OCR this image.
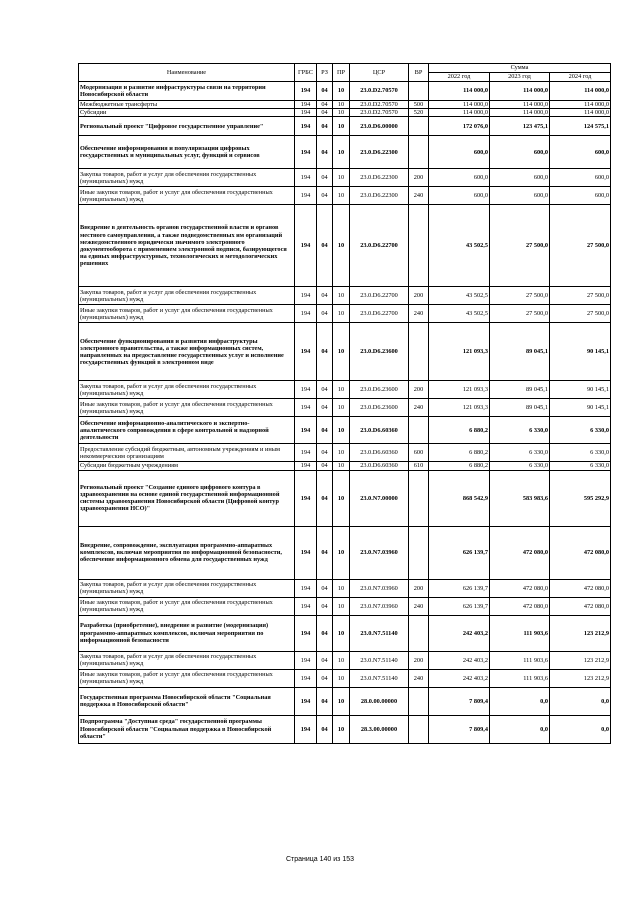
Наименование	ГРБС	РЗ	ПР	ЦСР	ВР	Сумма		
						2022 год	2023 год	2024 год
Модернизация и развитие инфраструктуры связи на территории Новосибирской области	194	04	10	23.0.D2.70570		114 000,0	114 000,0	114 000,0
Межбюджетные трансферты	194	04	10	23.0.D2.70570	500	114 000,0	114 000,0	114 000,0
Субсидии	194	04	10	23.0.D2.70570	520	114 000,0	114 000,0	114 000,0
Региональный проект "Цифровое государственное управление"	194	04	10	23.0.D6.00000		172 076,0	123 475,1	124 575,1
Обеспечение информирования и популяризации цифровых государственных и муниципальных услуг, функций и сервисов	194	04	10	23.0.D6.22300		600,0	600,0	600,0
Закупка товаров, работ и услуг для обеспечения государственных (муниципальных) нужд	194	04	10	23.0.D6.22300	200	600,0	600,0	600,0
Иные закупки товаров, работ и услуг для обеспечения государственных (муниципальных) нужд	194	04	10	23.0.D6.22300	240	600,0	600,0	600,0
Внедрение в деятельность органов государственной власти и органов местного самоуправления, а также подведомственных им организаций межведомственного юридически значимого электронного документооборота с применением электронной подписи, базирующегося на единых инфраструктурных, технологических и методологических решениях	194	04	10	23.0.D6.22700		43 502,5	27 500,0	27 500,0
Закупка товаров, работ и услуг для обеспечения государственных (муниципальных) нужд	194	04	10	23.0.D6.22700	200	43 502,5	27 500,0	27 500,0
Иные закупки товаров, работ и услуг для обеспечения государственных (муниципальных) нужд	194	04	10	23.0.D6.22700	240	43 502,5	27 500,0	27 500,0
Обеспечение функционирования и развития инфраструктуры электронного правительства, а также информационных систем, направленных на предоставление государственных услуг и исполнение государственных функций в электронном виде	194	04	10	23.0.D6.23600		121 093,3	89 045,1	90 145,1
Закупка товаров, работ и услуг для обеспечения государственных (муниципальных) нужд	194	04	10	23.0.D6.23600	200	121 093,3	89 045,1	90 145,1
Иные закупки товаров, работ и услуг для обеспечения государственных (муниципальных) нужд	194	04	10	23.0.D6.23600	240	121 093,3	89 045,1	90 145,1
Обеспечение информационно-аналитического и экспертно-аналитического сопровождения в сфере контрольной и надзорной деятельности	194	04	10	23.0.D6.60360		6 880,2	6 330,0	6 330,0
Предоставление субсидий бюджетным, автономным учреждениям и иным некоммерческим организациям	194	04	10	23.0.D6.60360	600	6 880,2	6 330,0	6 330,0
Субсидии бюджетным учреждениям	194	04	10	23.0.D6.60360	610	6 880,2	6 330,0	6 330,0
Региональный проект "Создание единого цифрового контура в здравоохранении на основе единой государственной информационной системы здравоохранения Новосибирской области (Цифровой контур здравоохранения НСО)"	194	04	10	23.0.N7.00000		868 542,9	583 983,6	595 292,9
Внедрение, сопровождение, эксплуатация программно-аппаратных комплексов, включая мероприятия по информационной безопасности, обеспечение информационного обмена для государственных нужд	194	04	10	23.0.N7.03960		626 139,7	472 080,0	472 080,0
Закупка товаров, работ и услуг для обеспечения государственных (муниципальных) нужд	194	04	10	23.0.N7.03960	200	626 139,7	472 080,0	472 080,0
Иные закупки товаров, работ и услуг для обеспечения государственных (муниципальных) нужд	194	04	10	23.0.N7.03960	240	626 139,7	472 080,0	472 080,0
Разработка (приобретение), внедрение и развитие (модернизация) программно-аппаратных комплексов, включая мероприятия по информационной безопасности	194	04	10	23.0.N7.51140		242 403,2	111 903,6	123 212,9
Закупка товаров, работ и услуг для обеспечения государственных (муниципальных) нужд	194	04	10	23.0.N7.51140	200	242 403,2	111 903,6	123 212,9
Иные закупки товаров, работ и услуг для обеспечения государственных (муниципальных) нужд	194	04	10	23.0.N7.51140	240	242 403,2	111 903,6	123 212,9
Государственная программа Новосибирской области "Социальная поддержка в Новосибирской области"	194	04	10	28.0.00.00000		7 809,4	0,0	0,0
Подпрограмма "Доступная среда" государственной программы Новосибирской области "Социальная поддержка в Новосибирской области"	194	04	10	28.3.00.00000		7 809,4	0,0	0,0
Страница 140 из 153
